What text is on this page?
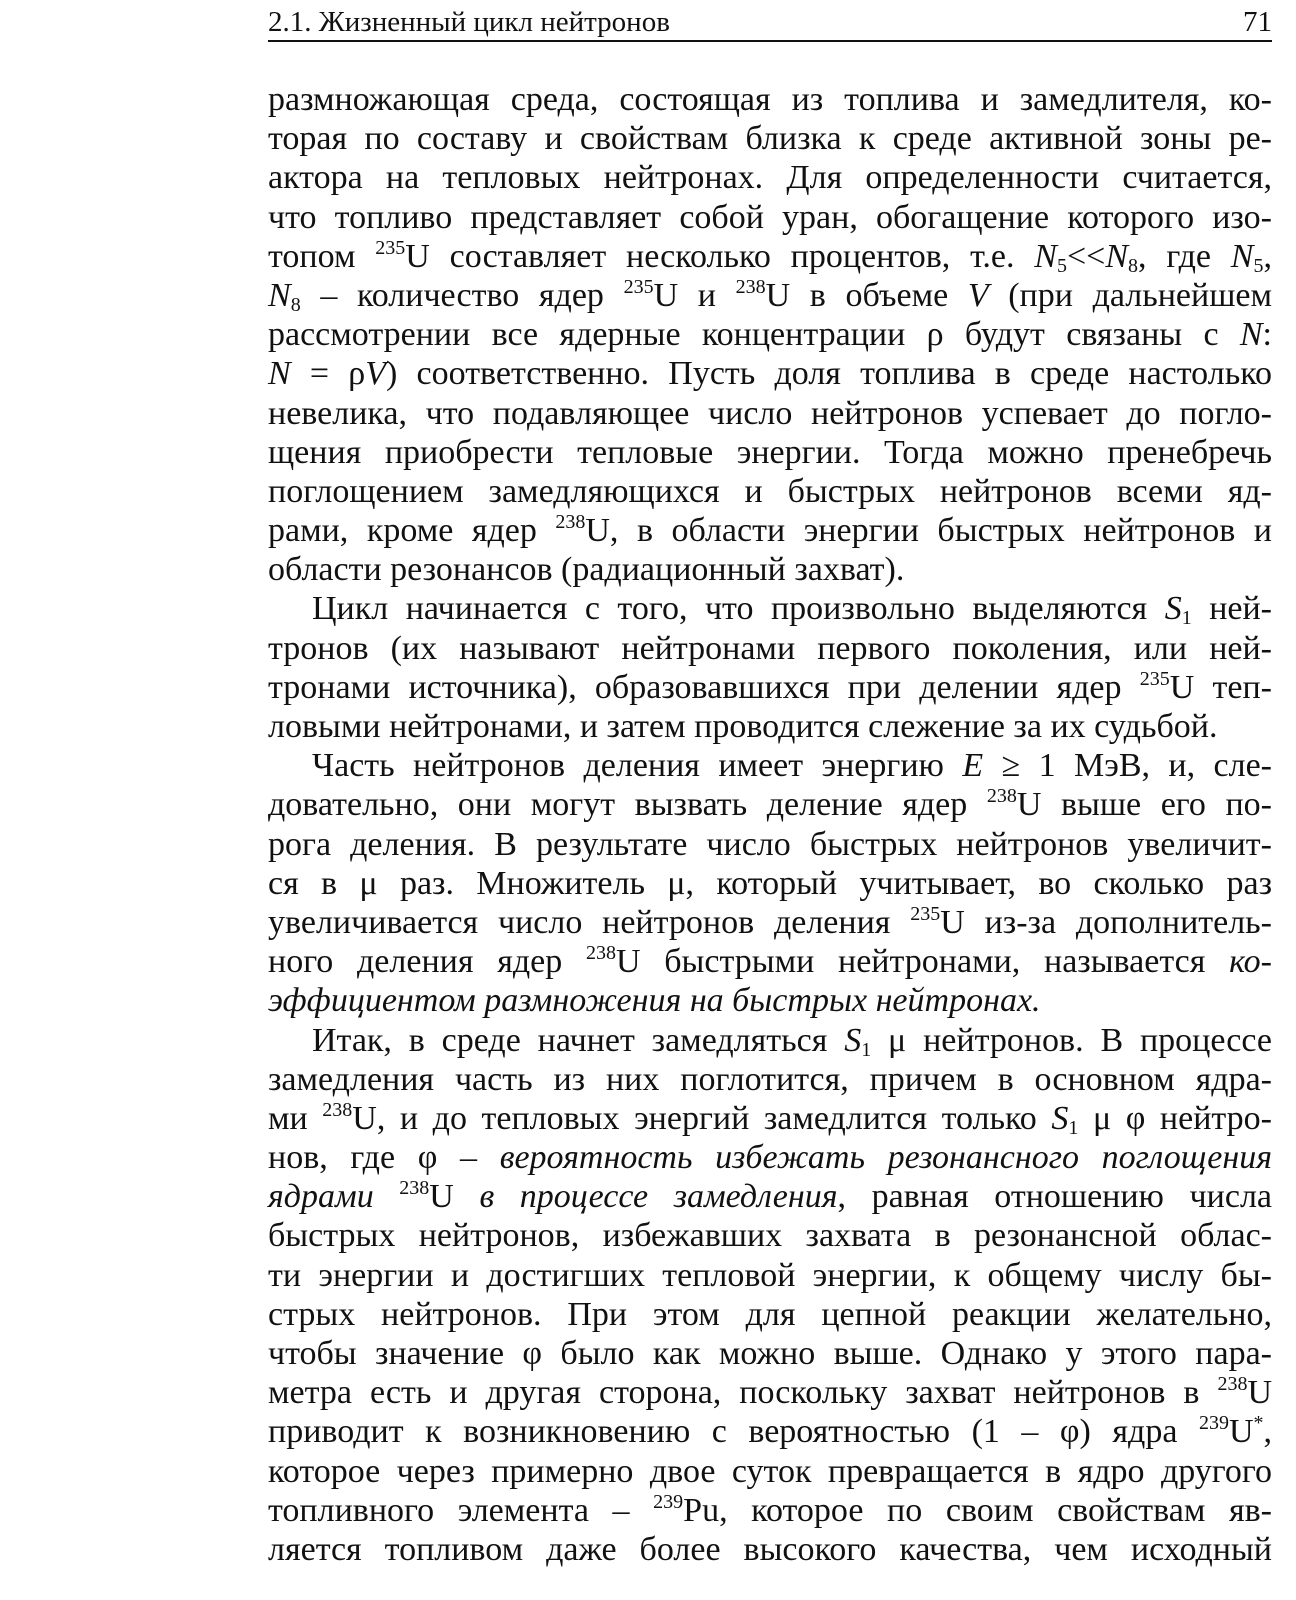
2.1. Жизненный цикл нейтронов	71
размножающая среда, состоящая из топлива и замедлителя, ко-
торая по составу и свойствам близка к среде активной зоны ре-
актора на тепловых нейтронах. Для определенности считается,
что топливо представляет собой уран, обогащение которого изо-
топом $^{235}$U составляет несколько процентов, т.е. $N_5<<N_8$, где $N_5$,
$N_8$ – количество ядер $^{235}$U и $^{238}$U в объеме V (при дальнейшем
рассмотрении все ядерные концентрации ρ будут связаны с N:
N = ρV) соответственно. Пусть доля топлива в среде настолько
невелика, что подавляющее число нейтронов успевает до погло-
щения приобрести тепловые энергии. Тогда можно пренебречь
поглощением замедляющихся и быстрых нейтронов всеми яд-
рами, кроме ядер $^{238}$U, в области энергии быстрых нейтронов и
области резонансов (радиационный захват).
Цикл начинается с того, что произвольно выделяются $S_1$ ней-
тронов (их называют нейтронами первого поколения, или ней-
тронами источника), образовавшихся при делении ядер $^{235}$U теп-
ловыми нейтронами, и затем проводится слежение за их судьбой.
Часть нейтронов деления имеет энергию E ≥ 1 МэВ, и, сле-
довательно, они могут вызвать деление ядер $^{238}$U выше его по-
рога деления. В результате число быстрых нейтронов увеличит-
ся в μ раз. Множитель μ, который учитывает, во сколько раз
увеличивается число нейтронов деления $^{235}$U из-за дополнитель-
ного деления ядер $^{238}$U быстрыми нейтронами, называется ко-
эффициентом размножения на быстрых нейтронах.
Итак, в среде начнет замедляться $S_1$ μ нейтронов. В процессе
замедления часть из них поглотится, причем в основном ядра-
ми $^{238}$U, и до тепловых энергий замедлится только $S_1$ μ φ нейтро-
нов, где φ – вероятность избежать резонансного поглощения
ядрами $^{238}$U в процессе замедления, равная отношению числа
быстрых нейтронов, избежавших захвата в резонансной облас-
ти энергии и достигших тепловой энергии, к общему числу бы-
стрых нейтронов. При этом для цепной реакции желательно,
чтобы значение φ было как можно выше. Однако у этого пара-
метра есть и другая сторона, поскольку захват нейтронов в $^{238}$U
приводит к возникновению с вероятностью (1 – φ) ядра $^{239}$U*,
которое через примерно двое суток превращается в ядро другого
топливного элемента – $^{239}$Pu, которое по своим свойствам яв-
ляется топливом даже более высокого качества, чем исходный
